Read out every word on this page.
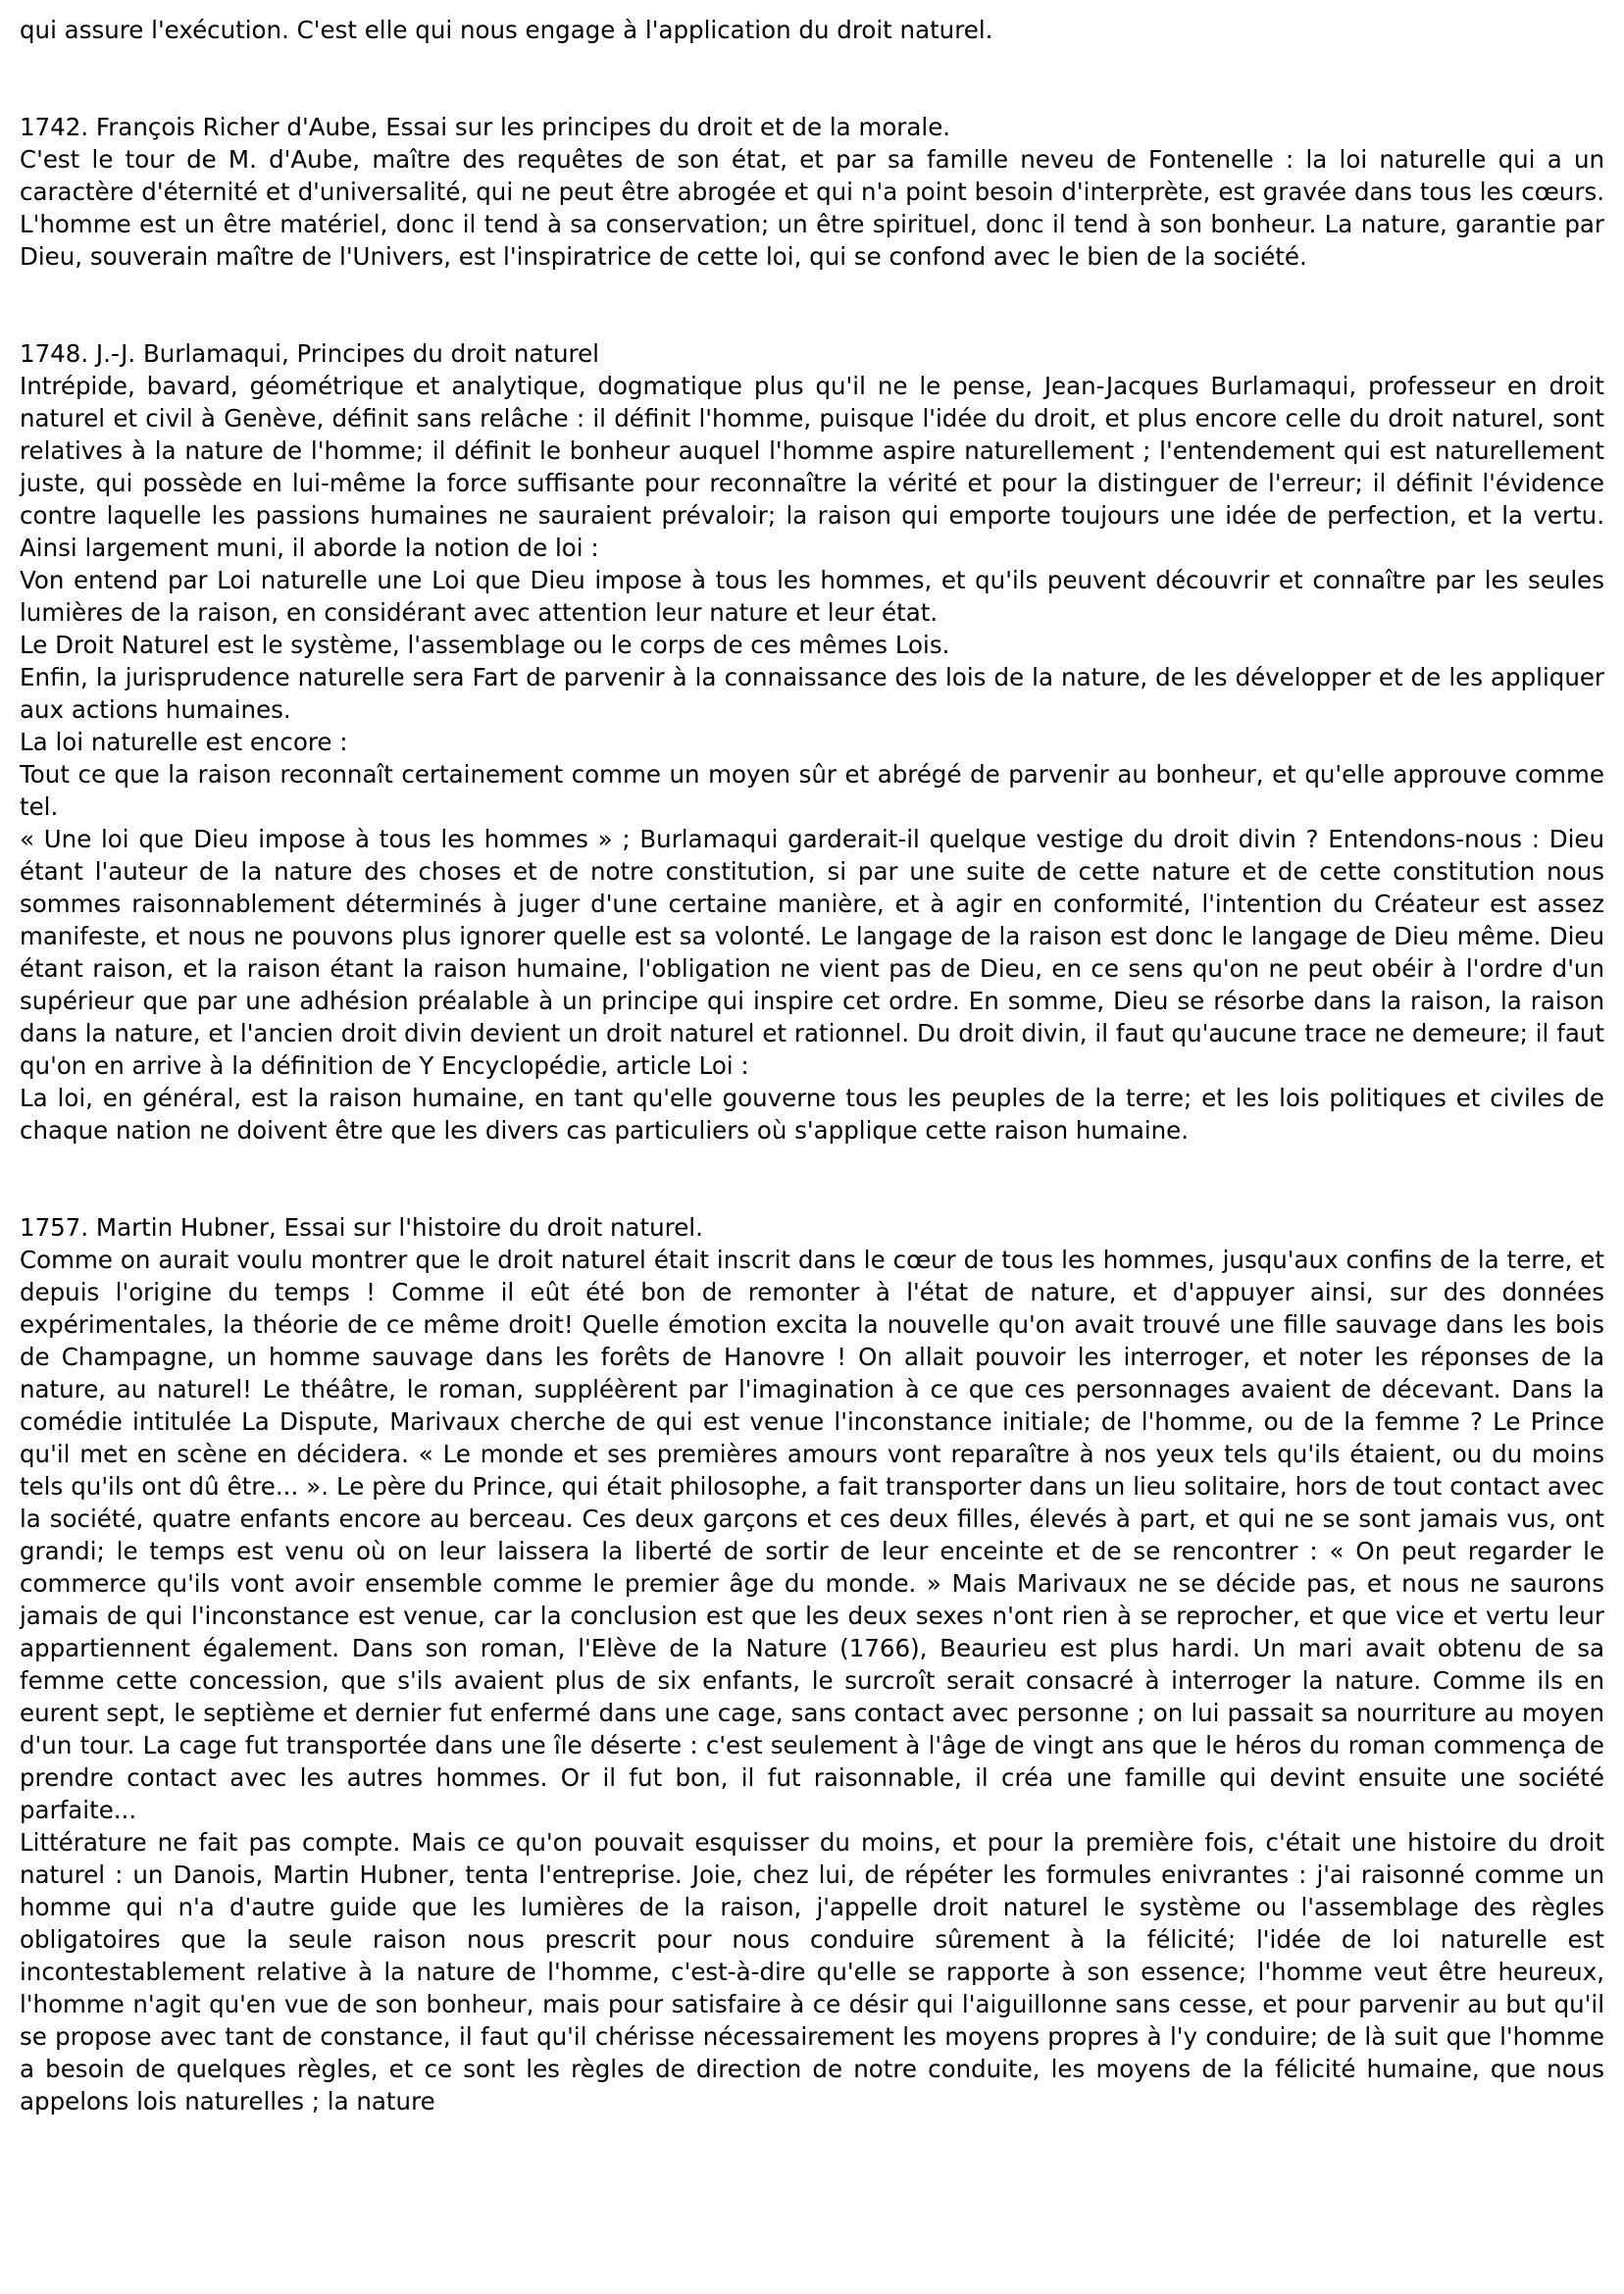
qui assure l'exécution. C'est elle qui nous engage à l'application du droit naturel.

1742. François Richer d'Aube, Essai sur les principes du droit et de la morale.

C'est le tour de M. d'Aube, maître des requêtes de son état, et par sa famille neveu de Fontenelle : la loi naturelle qui a un caractère d'éternité et d'universalité, qui ne peut être abrogée et qui n'a point besoin d'interprète, est gravée dans tous les cœurs. L'homme est un être matériel, donc il tend à sa conservation; un être spirituel, donc il tend à son bonheur. La nature, garantie par Dieu, souverain maître de l'Univers, est l'inspiratrice de cette loi, qui se confond avec le bien de la société.

1748. J.-J. Burlamaqui, Principes du droit naturel

Intrépide, bavard, géométrique et analytique, dogmatique plus qu'il ne le pense, Jean-Jacques Burlamaqui, professeur en droit naturel et civil à Genève, définit sans relâche : il définit l'homme, puisque l'idée du droit, et plus encore celle du droit naturel, sont relatives à la nature de l'homme; il définit le bonheur auquel l'homme aspire naturellement ; l'entendement qui est naturellement juste, qui possède en lui-même la force suffisante pour reconnaître la vérité et pour la distinguer de l'erreur; il définit l'évidence contre laquelle les passions humaines ne sauraient prévaloir; la raison qui emporte toujours une idée de perfection, et la vertu. Ainsi largement muni, il aborde la notion de loi :

Von entend par Loi naturelle une Loi que Dieu impose à tous les hommes, et qu'ils peuvent découvrir et connaître par les seules lumières de la raison, en considérant avec attention leur nature et leur état.

Le Droit Naturel est le système, l'assemblage ou le corps de ces mêmes Lois.

Enfin, la jurisprudence naturelle sera Fart de parvenir à la connaissance des lois de la nature, de les développer et de les appliquer aux actions humaines.

La loi naturelle est encore :

Tout ce que la raison reconnaît certainement comme un moyen sûr et abrégé de parvenir au bonheur, et qu'elle approuve comme tel.

« Une loi que Dieu impose à tous les hommes » ; Burlamaqui garderait-il quelque vestige du droit divin ? Entendons-nous : Dieu étant l'auteur de la nature des choses et de notre constitution, si par une suite de cette nature et de cette constitution nous sommes raisonnablement déterminés à juger d'une certaine manière, et à agir en conformité, l'intention du Créateur est assez manifeste, et nous ne pouvons plus ignorer quelle est sa volonté. Le langage de la raison est donc le langage de Dieu même. Dieu étant raison, et la raison étant la raison humaine, l'obligation ne vient pas de Dieu, en ce sens qu'on ne peut obéir à l'ordre d'un supérieur que par une adhésion préalable à un principe qui inspire cet ordre. En somme, Dieu se résorbe dans la raison, la raison dans la nature, et l'ancien droit divin devient un droit naturel et rationnel. Du droit divin, il faut qu'aucune trace ne demeure; il faut qu'on en arrive à la définition de Y Encyclopédie, article Loi :

La loi, en général, est la raison humaine, en tant qu'elle gouverne tous les peuples de la terre; et les lois politiques et civiles de chaque nation ne doivent être que les divers cas particuliers où s'applique cette raison humaine.

1757. Martin Hubner, Essai sur l'histoire du droit naturel.

Comme on aurait voulu montrer que le droit naturel était inscrit dans le cœur de tous les hommes, jusqu'aux confins de la terre, et depuis l'origine du temps ! Comme il eût été bon de remonter à l'état de nature, et d'appuyer ainsi, sur des données expérimentales, la théorie de ce même droit! Quelle émotion excita la nouvelle qu'on avait trouvé une fille sauvage dans les bois de Champagne, un homme sauvage dans les forêts de Hanovre ! On allait pouvoir les interroger, et noter les réponses de la nature, au naturel! Le théâtre, le roman, suppléèrent par l'imagination à ce que ces personnages avaient de décevant. Dans la comédie intitulée La Dispute, Marivaux cherche de qui est venue l'inconstance initiale; de l'homme, ou de la femme ? Le Prince qu'il met en scène en décidera. « Le monde et ses premières amours vont reparaître à nos yeux tels qu'ils étaient, ou du moins tels qu'ils ont dû être... ». Le père du Prince, qui était philosophe, a fait transporter dans un lieu solitaire, hors de tout contact avec la société, quatre enfants encore au berceau. Ces deux garçons et ces deux filles, élevés à part, et qui ne se sont jamais vus, ont grandi; le temps est venu où on leur laissera la liberté de sortir de leur enceinte et de se rencontrer : « On peut regarder le commerce qu'ils vont avoir ensemble comme le premier âge du monde. » Mais Marivaux ne se décide pas, et nous ne saurons jamais de qui l'inconstance est venue, car la conclusion est que les deux sexes n'ont rien à se reprocher, et que vice et vertu leur appartiennent également. Dans son roman, l'Elève de la Nature (1766), Beaurieu est plus hardi. Un mari avait obtenu de sa femme cette concession, que s'ils avaient plus de six enfants, le surcroît serait consacré à interroger la nature. Comme ils en eurent sept, le septième et dernier fut enfermé dans une cage, sans contact avec personne ; on lui passait sa nourriture au moyen d'un tour. La cage fut transportée dans une île déserte : c'est seulement à l'âge de vingt ans que le héros du roman commença de prendre contact avec les autres hommes. Or il fut bon, il fut raisonnable, il créa une famille qui devint ensuite une société parfaite...

Littérature ne fait pas compte. Mais ce qu'on pouvait esquisser du moins, et pour la première fois, c'était une histoire du droit naturel : un Danois, Martin Hubner, tenta l'entreprise. Joie, chez lui, de répéter les formules enivrantes : j'ai raisonné comme un homme qui n'a d'autre guide que les lumières de la raison, j'appelle droit naturel le système ou l'assemblage des règles obligatoires que la seule raison nous prescrit pour nous conduire sûrement à la félicité; l'idée de loi naturelle est incontestablement relative à la nature de l'homme, c'est-à-dire qu'elle se rapporte à son essence; l'homme veut être heureux, l'homme n'agit qu'en vue de son bonheur, mais pour satisfaire à ce désir qui l'aiguillonne sans cesse, et pour parvenir au but qu'il se propose avec tant de constance, il faut qu'il chérisse nécessairement les moyens propres à l'y conduire; de là suit que l'homme a besoin de quelques règles, et ce sont les règles de direction de notre conduite, les moyens de la félicité humaine, que nous appelons lois naturelles ; la nature
